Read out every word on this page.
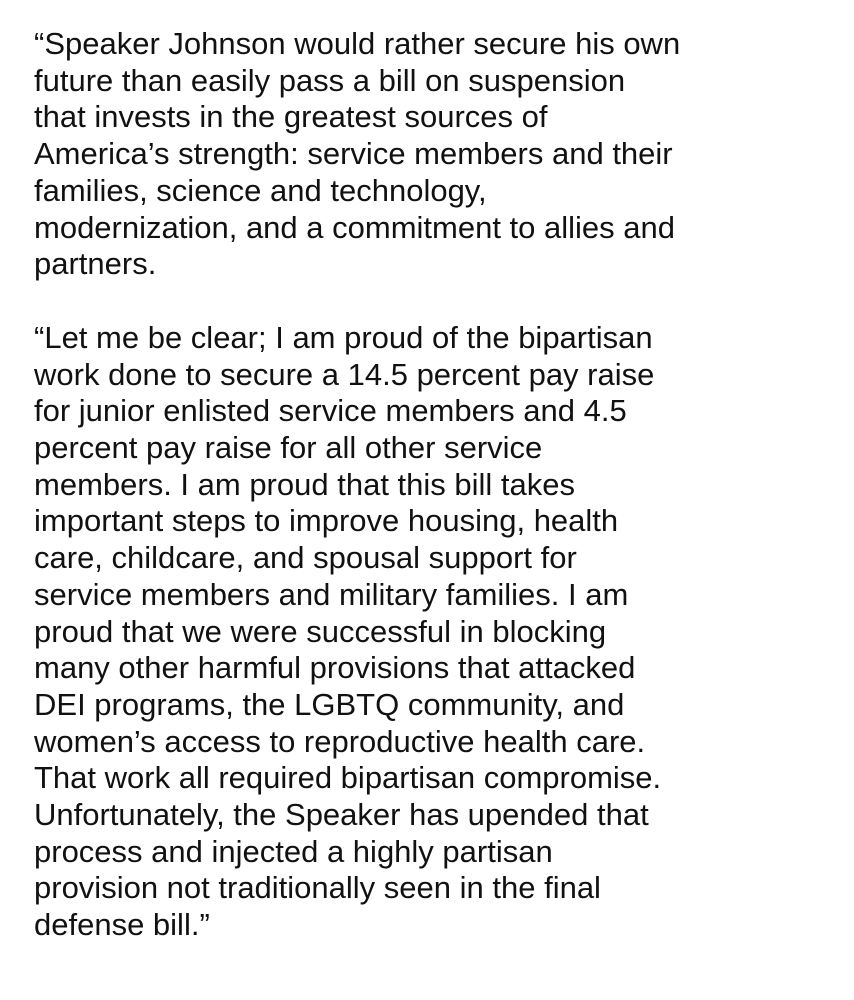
“Speaker Johnson would rather secure his own
future than easily pass a bill on suspension
that invests in the greatest sources of
America’s strength: service members and their
families, science and technology,
modernization, and a commitment to allies and
partners.

“Let me be clear; I am proud of the bipartisan
work done to secure a 14.5 percent pay raise
for junior enlisted service members and 4.5
percent pay raise for all other service
members. I am proud that this bill takes
important steps to improve housing, health
care, childcare, and spousal support for
service members and military families. I am
proud that we were successful in blocking
many other harmful provisions that attacked
DEI programs, the LGBTQ community, and
women’s access to reproductive health care.
That work all required bipartisan compromise.
Unfortunately, the Speaker has upended that
process and injected a highly partisan
provision not traditionally seen in the final
defense bill.”
